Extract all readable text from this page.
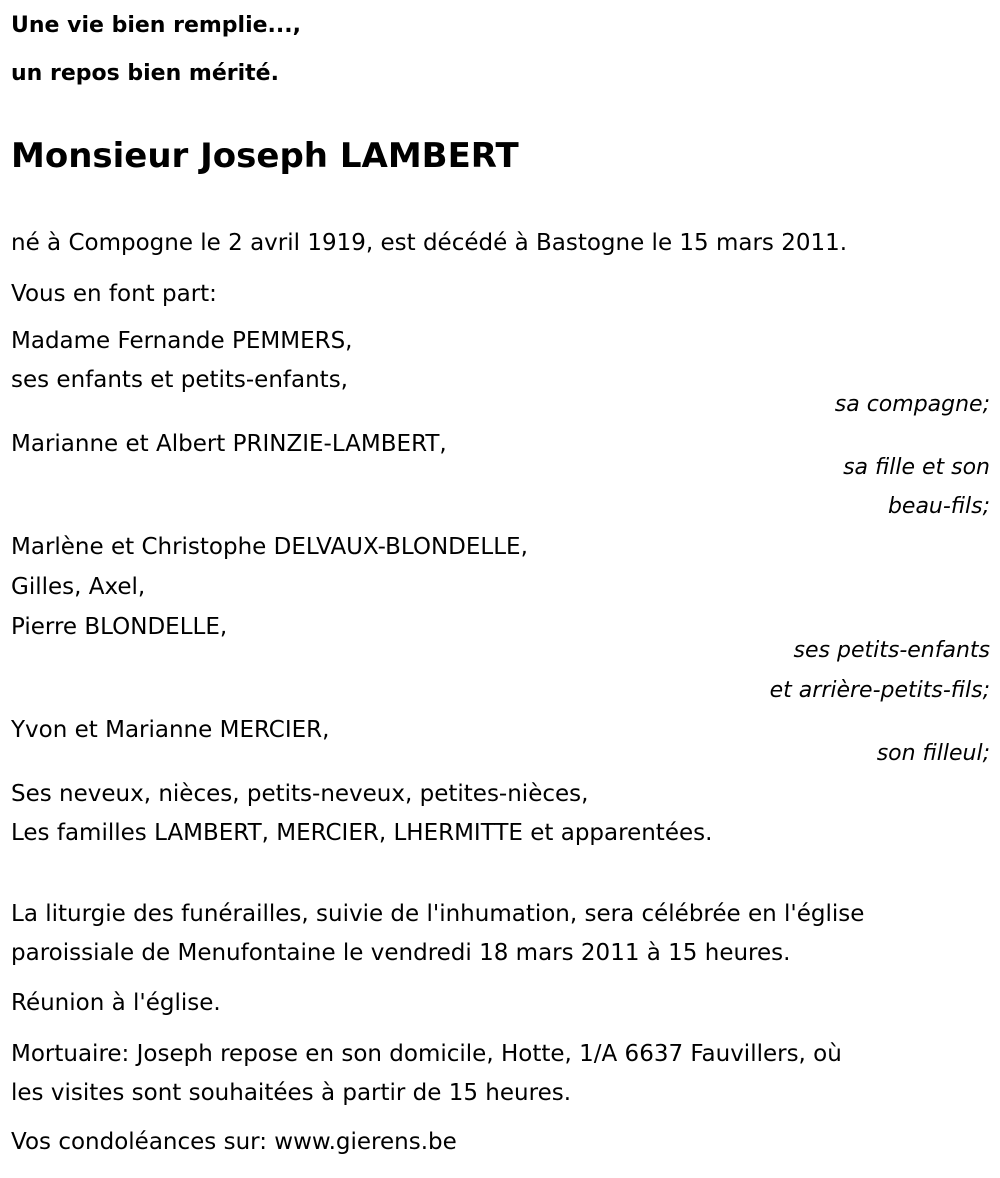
Une vie bien remplie...,
un repos bien mérité.
Monsieur Joseph LAMBERT
né à Compogne le 2 avril 1919, est décédé à Bastogne le 15 mars 2011.
Vous en font part:
Madame Fernande PEMMERS,
ses enfants et petits-enfants,
sa compagne;
Marianne et Albert PRINZIE-LAMBERT,
sa fille et son
beau-fils;
Marlène et Christophe DELVAUX-BLONDELLE,
Gilles, Axel,
Pierre BLONDELLE,
ses petits-enfants
et arrière-petits-fils;
Yvon et Marianne MERCIER,
son filleul;
Ses neveux, nièces, petits-neveux, petites-nièces,
Les familles LAMBERT, MERCIER, LHERMITTE et apparentées.
La liturgie des funérailles, suivie de l'inhumation, sera célébrée en l'église
paroissiale de Menufontaine le vendredi 18 mars 2011 à 15 heures.
Réunion à l'église.
Mortuaire: Joseph repose en son domicile, Hotte, 1/A 6637 Fauvillers, où
les visites sont souhaitées à partir de 15 heures.
Vos condoléances sur: www.gierens.be
